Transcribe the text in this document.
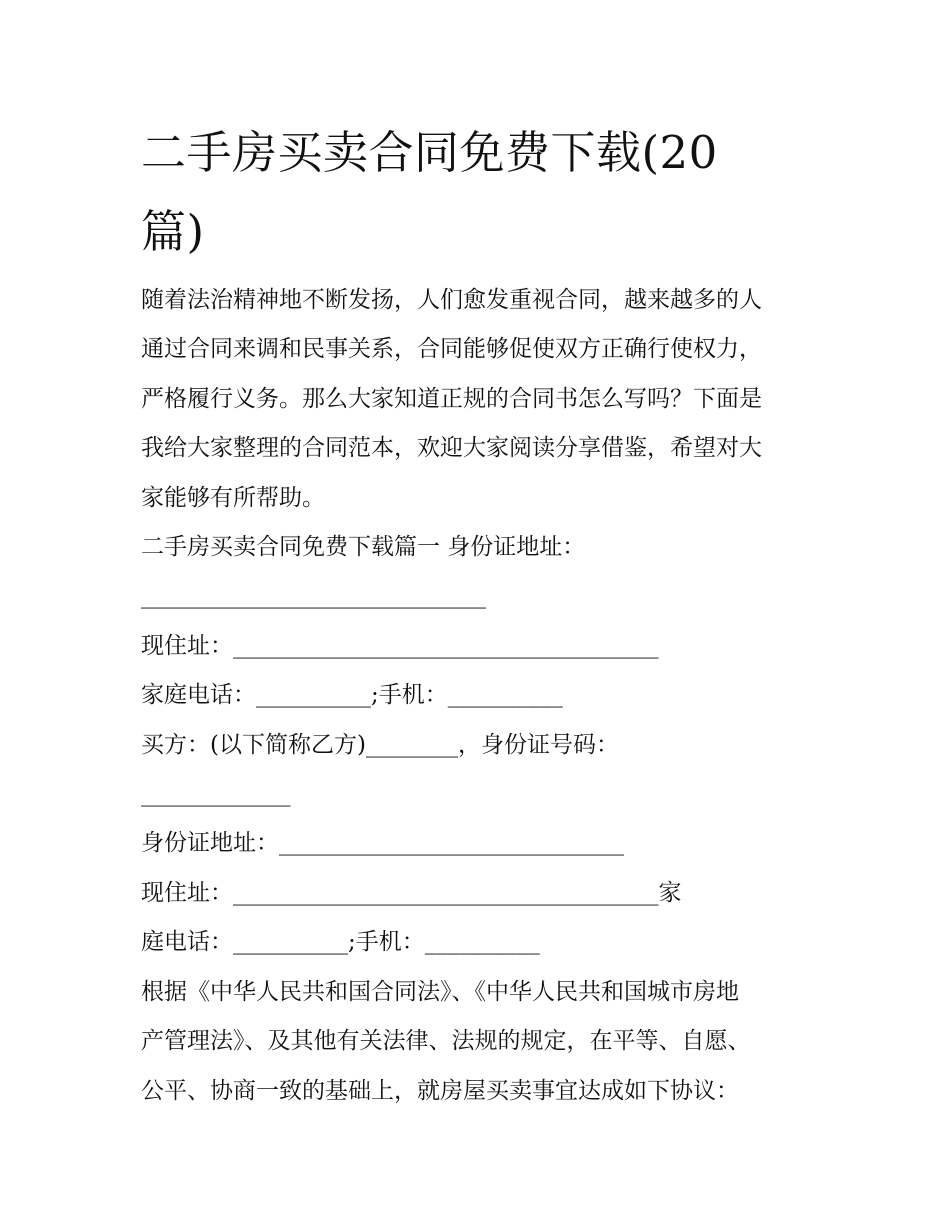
二手房买卖合同免费下载(20
篇)

随着法治精神地不断发扬，人们愈发重视合同，越来越多的人

通过合同来调和民事关系，合同能够促使双方正确行使权力，

严格履行义务。那么大家知道正规的合同书怎么写吗？下面是

我给大家整理的合同范本，欢迎大家阅读分享借鉴，希望对大

家能够有所帮助。

二手房买卖合同免费下载篇一 身份证地址：

______________________________

现住址：_____________________________________

家庭电话：__________;手机：__________

买方：(以下简称乙方)________，身份证号码：

_____________

身份证地址：______________________________

现住址：_____________________________________家

庭电话：__________;手机：__________

根据《中华人民共和国合同法》、《中华人民共和国城市房地

产管理法》、及其他有关法律、法规的规定，在平等、自愿、

公平、协商一致的基础上，就房屋买卖事宜达成如下协议：
